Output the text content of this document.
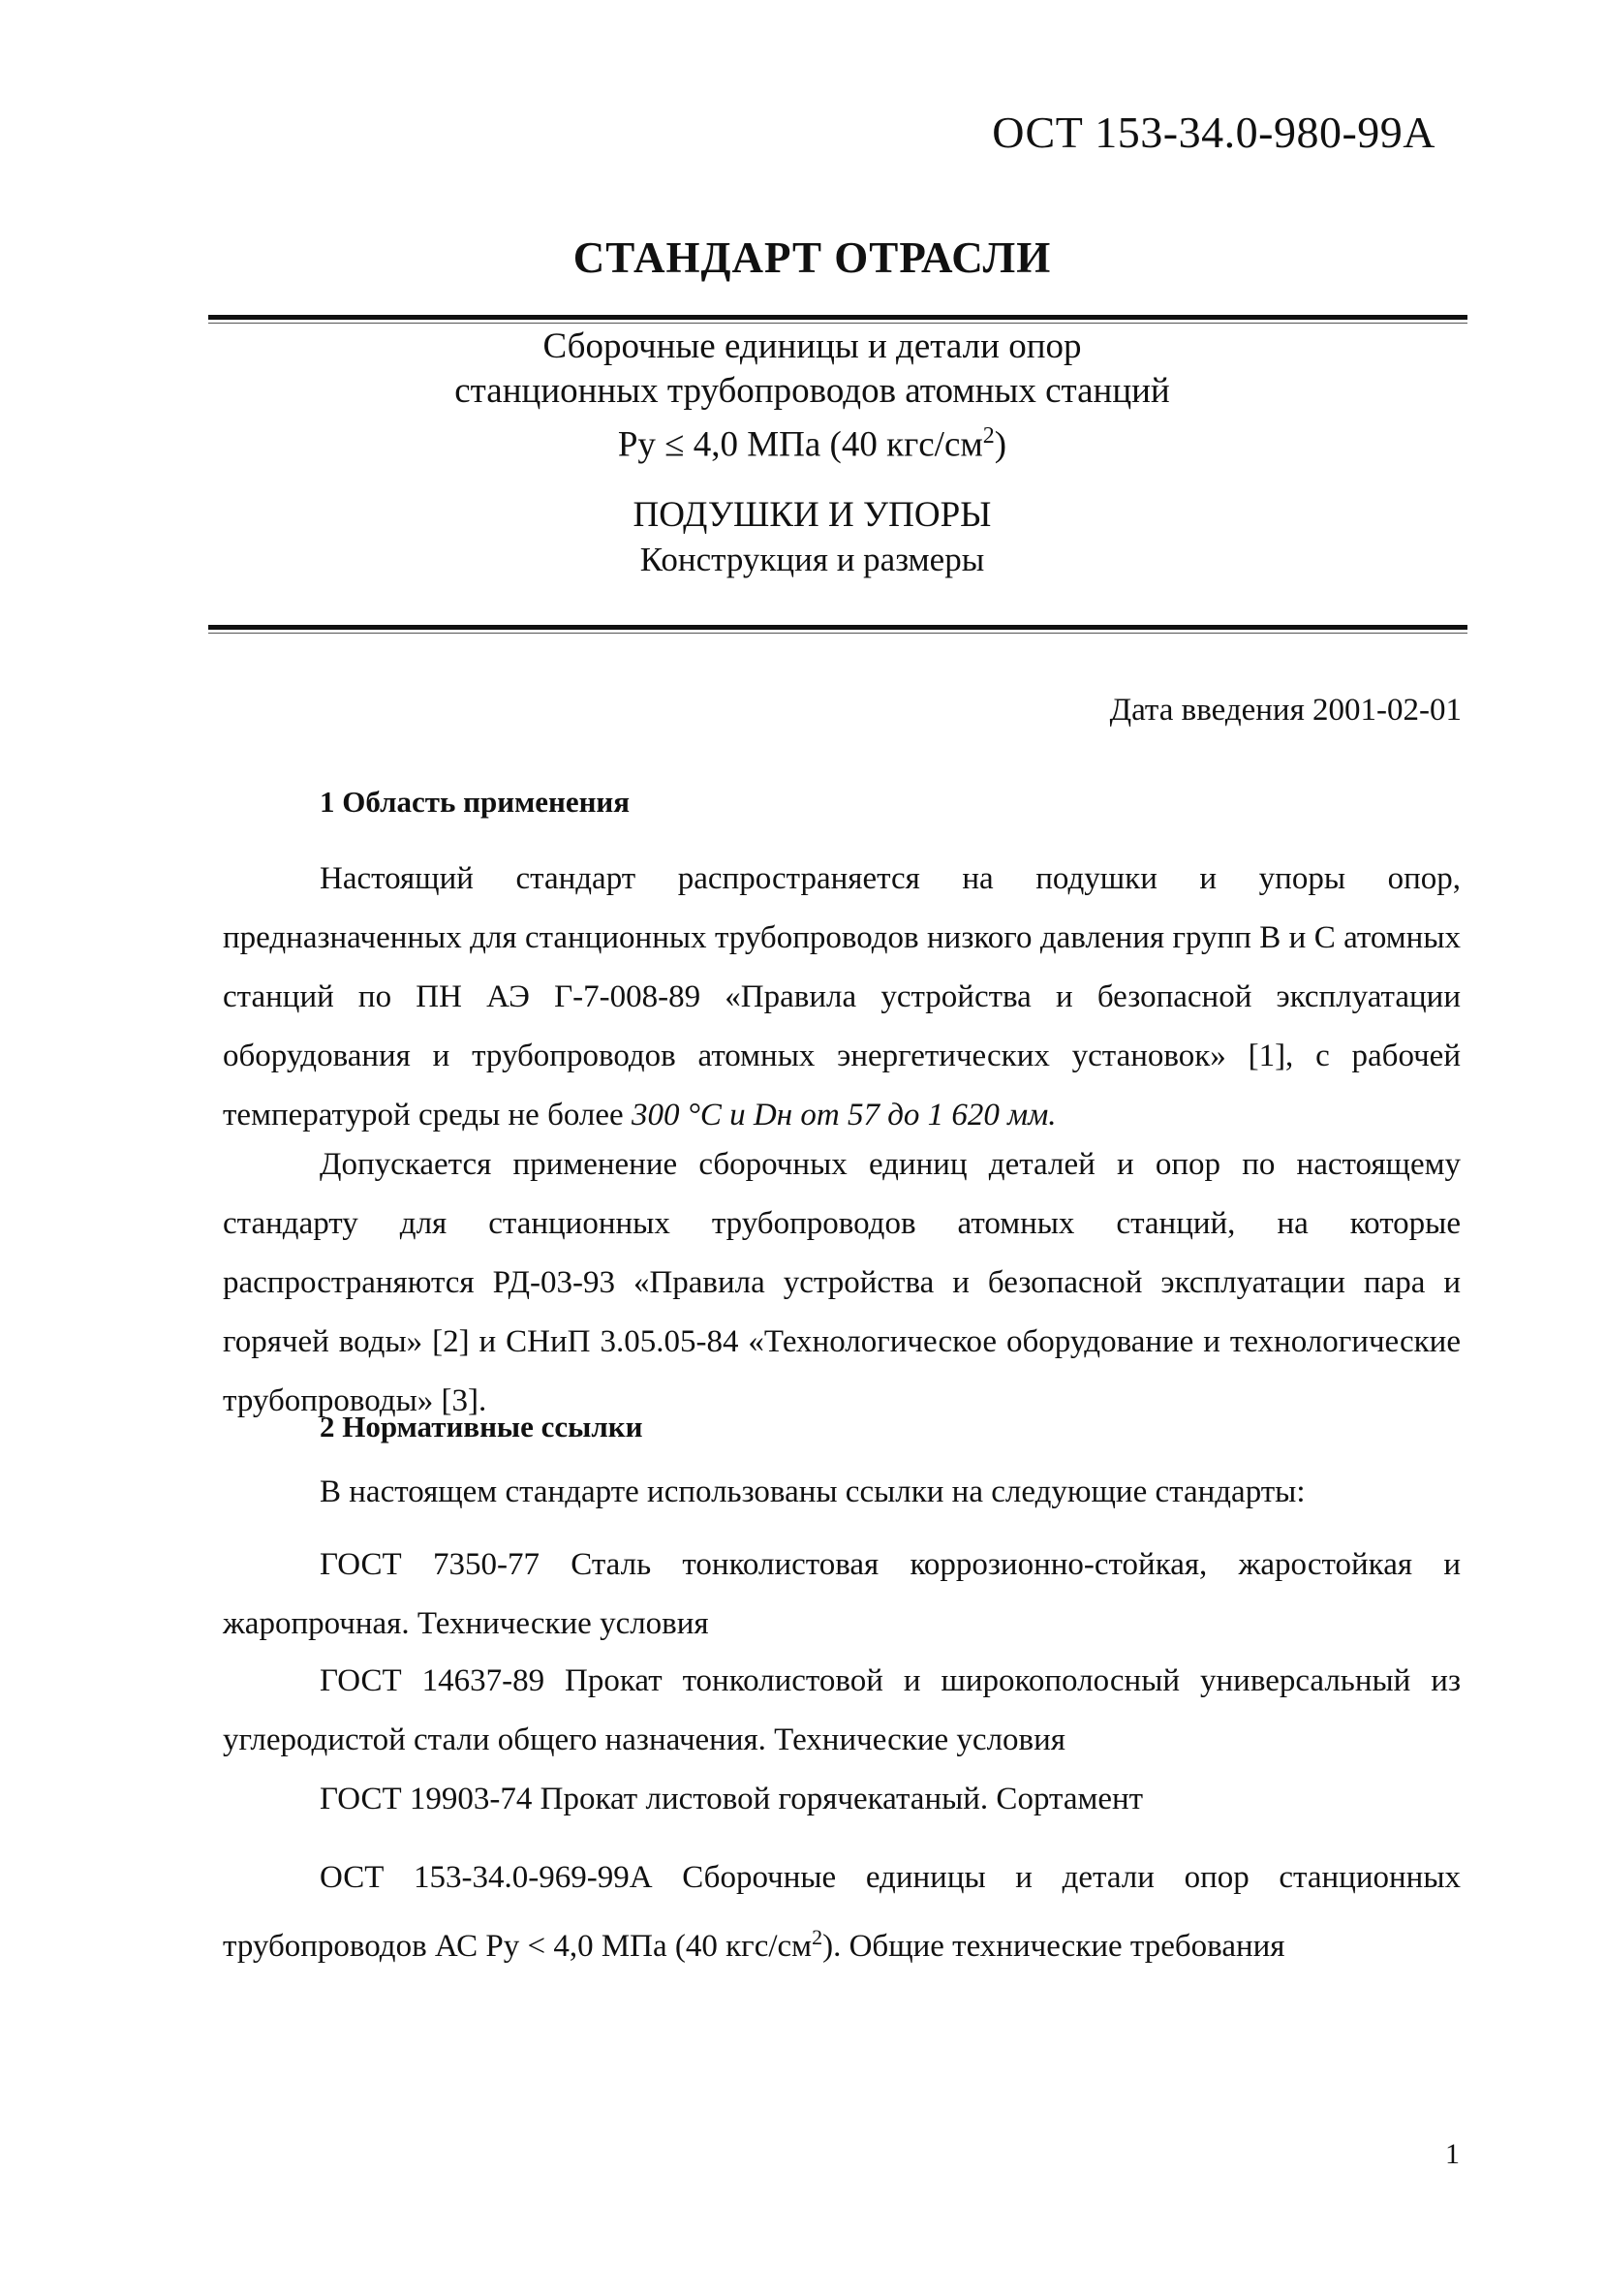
ОСТ 153-34.0-980-99А
СТАНДАРТ ОТРАСЛИ
Сборочные единицы и детали опор
станционных трубопроводов атомных станций
Ру ≤ 4,0 МПа (40 кгс/$см^2$)
ПОДУШКИ И УПОРЫ
Конструкция и размеры
Дата введения 2001-02-01
1 Область применения
Настоящий стандарт распространяется на подушки и упоры опор, предназначенных для станционных трубопроводов низкого давления групп В и С атомных станций по ПН АЭ Г-7-008-89 «Правила устройства и безопасной эксплуатации оборудования и трубопроводов атомных энергетических установок» [1], с рабочей температурой среды не более 300 °С и Dн от 57 до 1 620 мм.
Допускается применение сборочных единиц деталей и опор по настоящему стандарту для станционных трубопроводов атомных станций, на которые распространяются РД-03-93 «Правила устройства и безопасной эксплуатации пара и горячей воды» [2] и СНиП 3.05.05-84 «Технологическое оборудование и технологические трубопроводы» [3].
2 Нормативные ссылки
В настоящем стандарте использованы ссылки на следующие стандарты:
ГОСТ 7350-77 Сталь тонколистовая коррозионно-стойкая, жаростойкая и жаропрочная. Технические условия
ГОСТ 14637-89 Прокат тонколистовой и широкополосный универсальный из углеродистой стали общего назначения. Технические условия
ГОСТ 19903-74 Прокат листовой горячекатаный. Сортамент
ОСТ 153-34.0-969-99А Сборочные единицы и детали опор станционных трубопроводов АС Ру < 4,0 МПа (40 кгс/$см^2$). Общие технические требования
1
